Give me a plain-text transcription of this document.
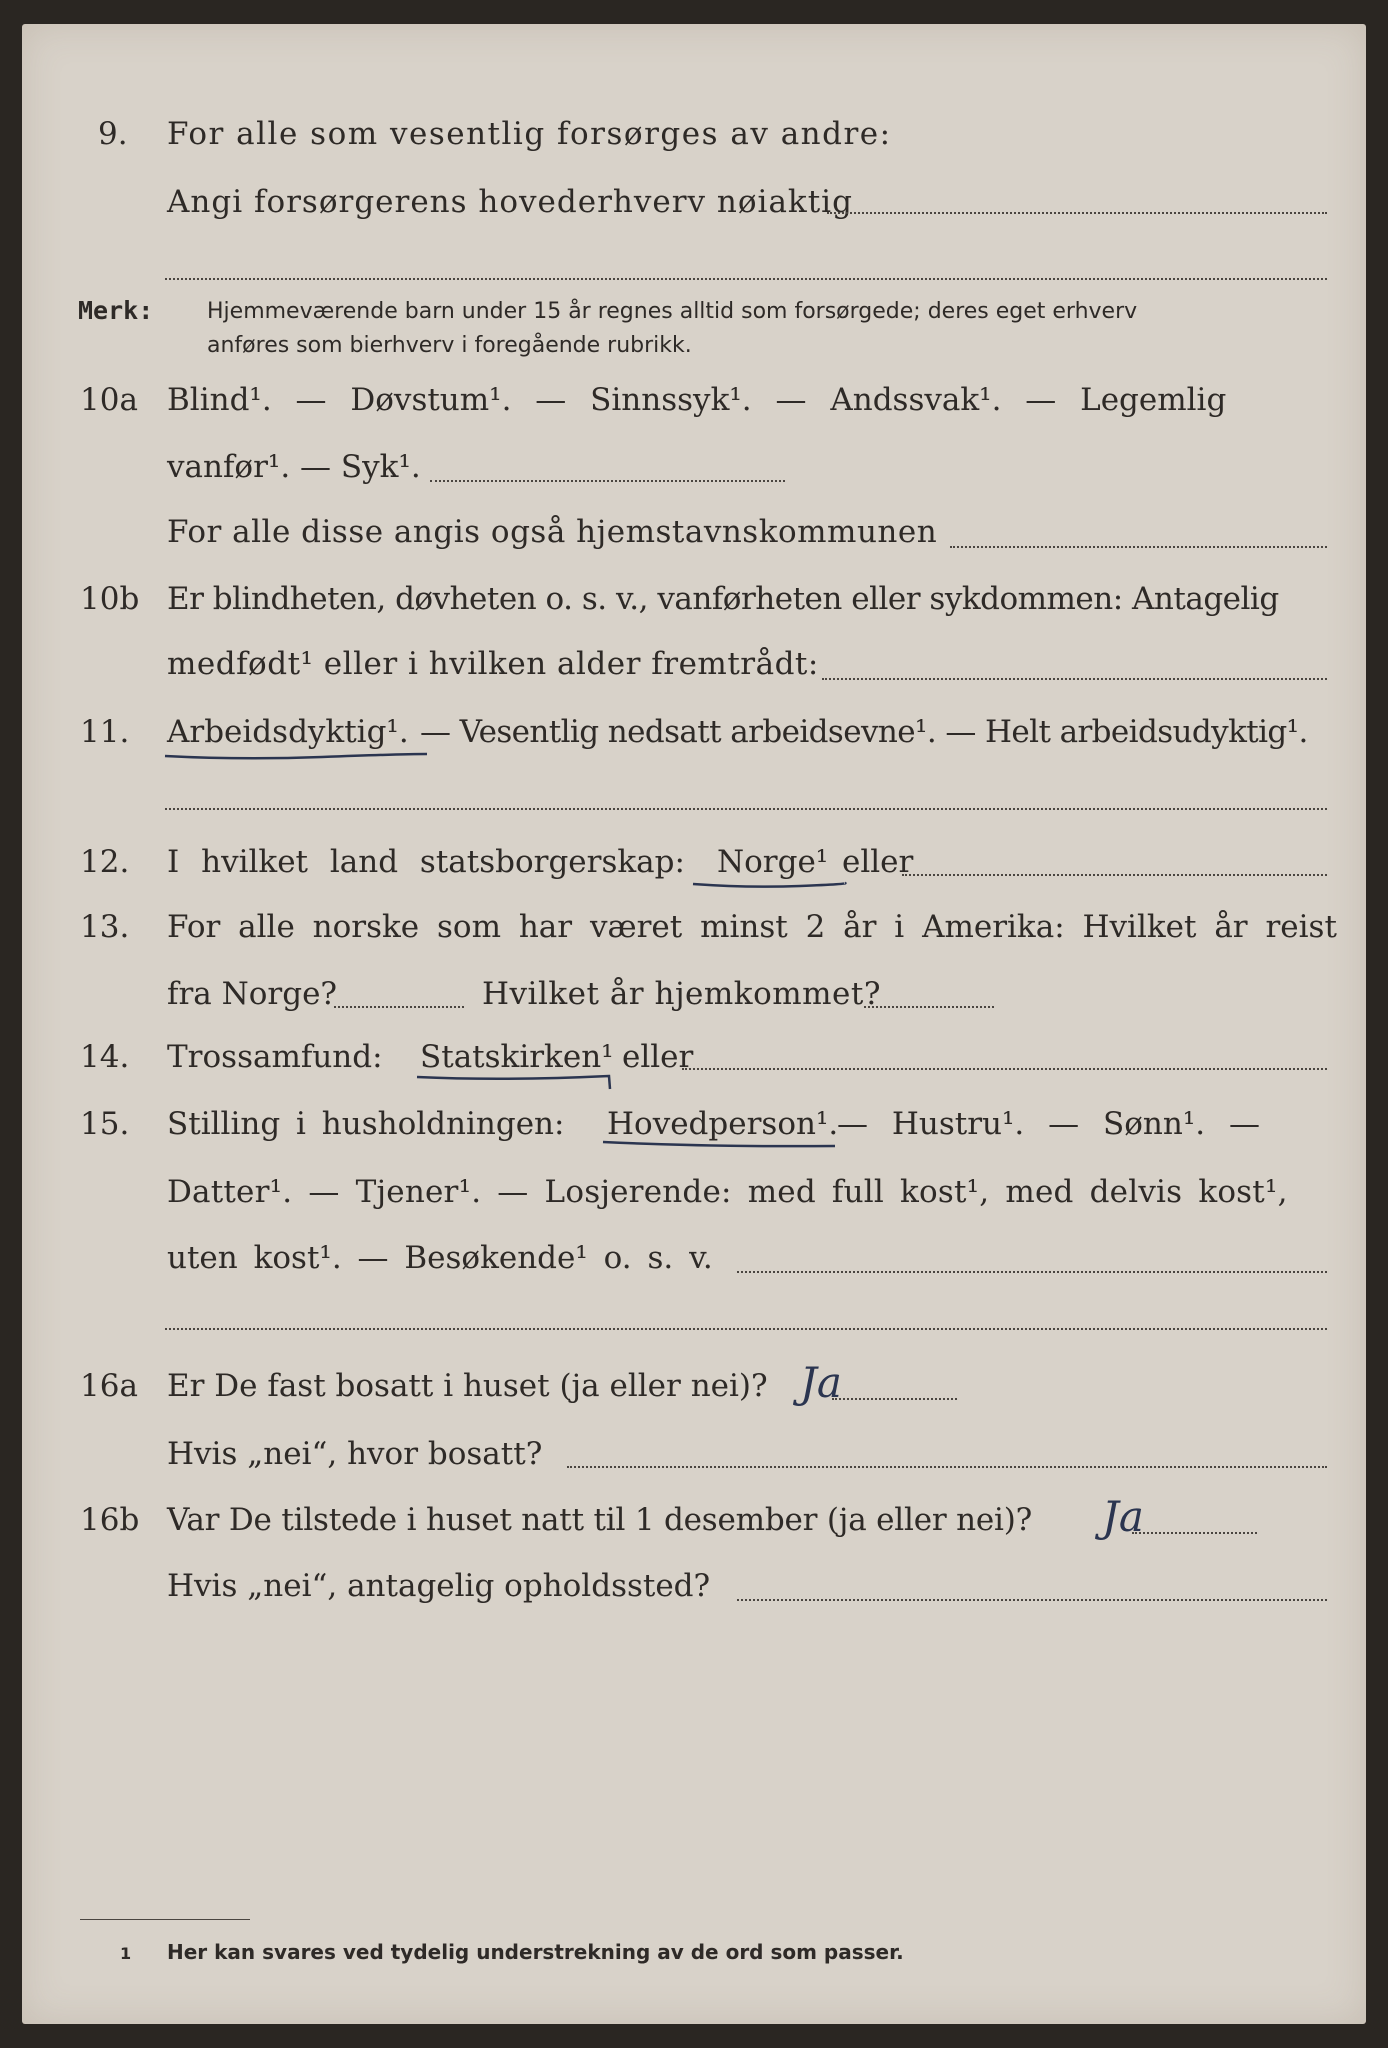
9. For alle som vesentlig forsørges av andre:
Angi forsørgerens hovederhverv nøiaktig
Merk: Hjemmeværende barn under 15 år regnes alltid som forsørgede; deres eget erhverv
anføres som bierhverv i foregående rubrikk.
10a Blind¹. — Døvstum¹. — Sinnssyk¹. — Andssvak¹. — Legemlig
vanfør¹. — Syk¹.
For alle disse angis også hjemstavnskommunen
10b Er blindheten, døvheten o. s. v., vanførheten eller sykdommen: Antagelig
medfødt¹ eller i hvilken alder fremtrådt:
11. Arbeidsdyktig¹. — Vesentlig nedsatt arbeidsevne¹. — Helt arbeidsudyktig¹.
12. I hvilket land statsborgerskap: Norge¹ eller
13. For alle norske som har været minst 2 år i Amerika: Hvilket år reist
fra Norge?	Hvilket år hjemkommet?
14. Trossamfund: Statskirken¹ eller
15. Stilling i husholdningen: Hovedperson¹.
— Hustru¹. — Sønn¹. —
Datter¹. — Tjener¹. — Losjerende: med full kost¹, med delvis kost¹,
uten kost¹. — Besøkende¹ o. s. v.
16a Er De fast bosatt i huset (ja eller nei)? Ja
Hvis „nei“, hvor bosatt?
16b Var De tilstede i huset natt til 1 desember (ja eller nei)? Ja
Hvis „nei“, antagelig opholdssted?
1 Her kan svares ved tydelig understrekning av de ord som passer.
